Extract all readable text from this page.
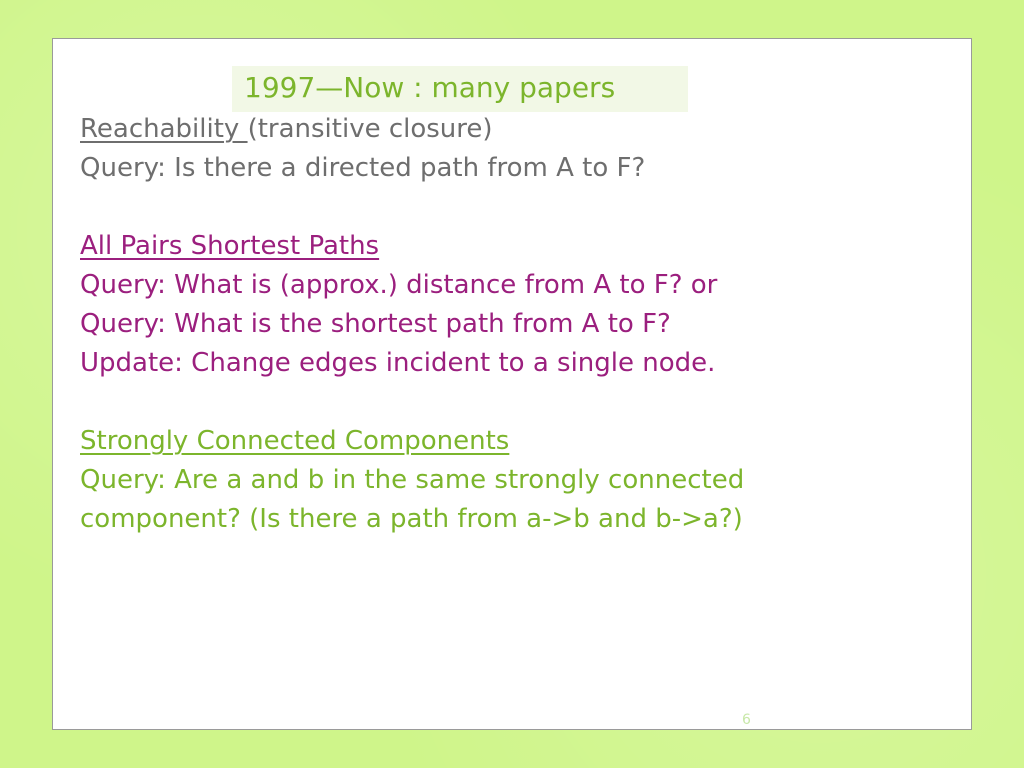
1997—Now : many papers
Reachability (transitive closure)
Query: Is there a directed path from A to F?
All Pairs Shortest Paths
Query: What is (approx.) distance from A to F? or
Query: What is the shortest path from A to F?
Update: Change edges incident to a single node.
Strongly Connected Components
Query: Are a and b in the same strongly connected
component? (Is there a path from a->b and b->a?)
6
